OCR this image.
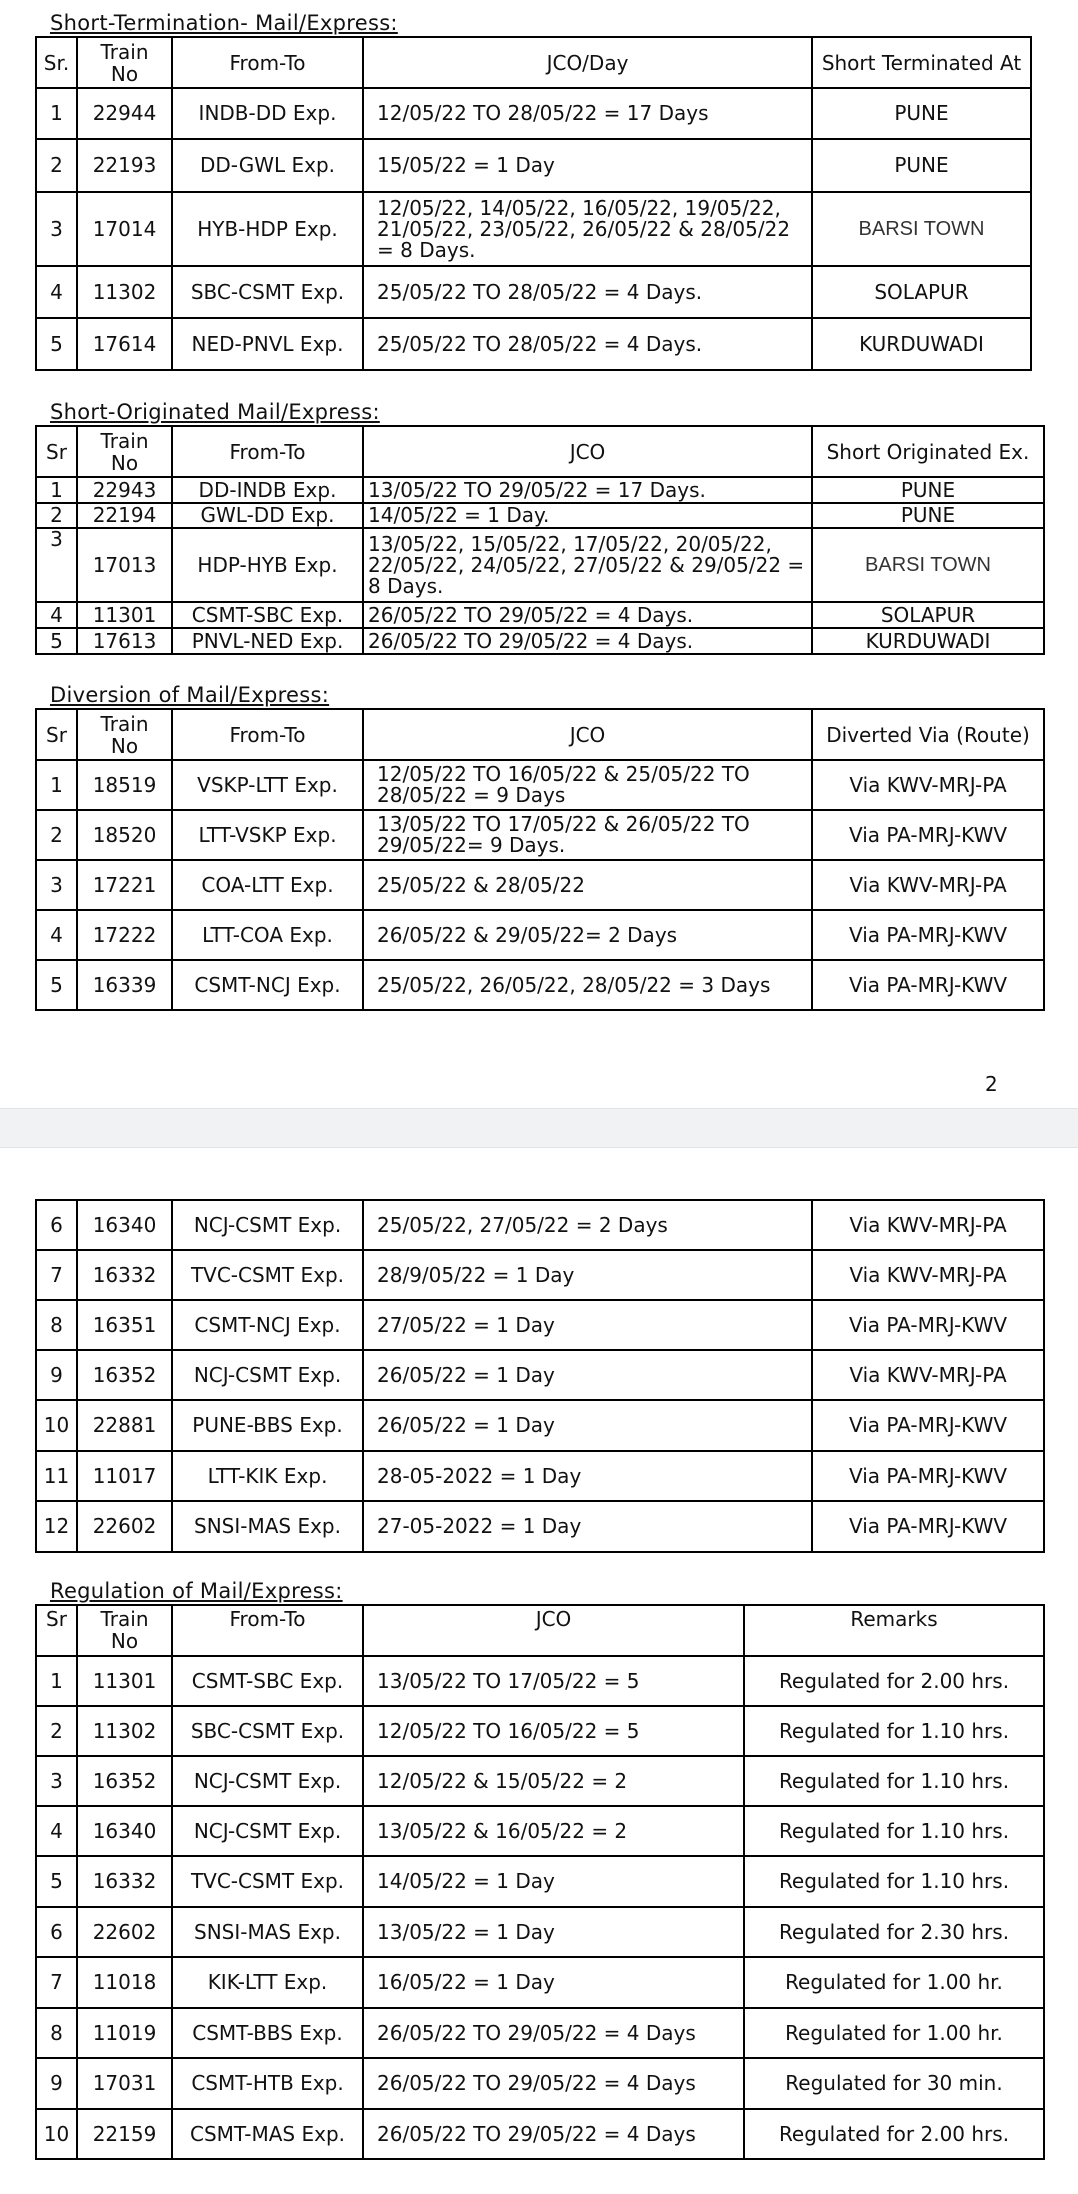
Short-Termination- Mail/Express:
Sr.	Train No	From-To	JCO/Day	Short Terminated At
1	22944	INDB-DD Exp.	12/05/22 TO 28/05/22 = 17 Days	PUNE
2	22193	DD-GWL Exp.	15/05/22 = 1 Day	PUNE
3	17014	HYB-HDP Exp.	12/05/22, 14/05/22, 16/05/22, 19/05/22, 21/05/22, 23/05/22, 26/05/22 & 28/05/22 = 8 Days.	BARSI TOWN
4	11302	SBC-CSMT Exp.	25/05/22 TO 28/05/22 = 4 Days.	SOLAPUR
5	17614	NED-PNVL Exp.	25/05/22 TO 28/05/22 = 4 Days.	KURDUWADI
Short-Originated Mail/Express:
Sr	Train No	From-To	JCO	Short Originated Ex.
1	22943	DD-INDB Exp.	13/05/22 TO 29/05/22 = 17 Days.	PUNE
2	22194	GWL-DD Exp.	14/05/22 = 1 Day.	PUNE
3	17013	HDP-HYB Exp.	13/05/22, 15/05/22, 17/05/22, 20/05/22, 22/05/22, 24/05/22, 27/05/22 & 29/05/22 = 8 Days.	BARSI TOWN
4	11301	CSMT-SBC Exp.	26/05/22 TO 29/05/22 = 4 Days.	SOLAPUR
5	17613	PNVL-NED Exp.	26/05/22 TO 29/05/22 = 4 Days.	KURDUWADI
Diversion of Mail/Express:
Sr	Train No	From-To	JCO	Diverted Via (Route)
1	18519	VSKP-LTT Exp.	12/05/22 TO 16/05/22 & 25/05/22 TO 28/05/22 = 9 Days	Via KWV-MRJ-PA
2	18520	LTT-VSKP Exp.	13/05/22 TO 17/05/22 & 26/05/22 TO 29/05/22= 9 Days.	Via PA-MRJ-KWV
3	17221	COA-LTT Exp.	25/05/22 & 28/05/22	Via KWV-MRJ-PA
4	17222	LTT-COA Exp.	26/05/22 & 29/05/22= 2 Days	Via PA-MRJ-KWV
5	16339	CSMT-NCJ Exp.	25/05/22, 26/05/22, 28/05/22 = 3 Days	Via PA-MRJ-KWV
2
6	16340	NCJ-CSMT Exp.	25/05/22, 27/05/22 = 2 Days	Via KWV-MRJ-PA
7	16332	TVC-CSMT Exp.	28/9/05/22 = 1 Day	Via KWV-MRJ-PA
8	16351	CSMT-NCJ Exp.	27/05/22 = 1 Day	Via PA-MRJ-KWV
9	16352	NCJ-CSMT Exp.	26/05/22 = 1 Day	Via KWV-MRJ-PA
10	22881	PUNE-BBS Exp.	26/05/22 = 1 Day	Via PA-MRJ-KWV
11	11017	LTT-KIK Exp.	28-05-2022 = 1 Day	Via PA-MRJ-KWV
12	22602	SNSI-MAS Exp.	27-05-2022 = 1 Day	Via PA-MRJ-KWV
Regulation of Mail/Express:
Sr	Train No	From-To	JCO	Remarks
1	11301	CSMT-SBC Exp.	13/05/22 TO 17/05/22 = 5	Regulated for 2.00 hrs.
2	11302	SBC-CSMT Exp.	12/05/22 TO 16/05/22 = 5	Regulated for 1.10 hrs.
3	16352	NCJ-CSMT Exp.	12/05/22 & 15/05/22 = 2	Regulated for 1.10 hrs.
4	16340	NCJ-CSMT Exp.	13/05/22 & 16/05/22 = 2	Regulated for 1.10 hrs.
5	16332	TVC-CSMT Exp.	14/05/22 = 1 Day	Regulated for 1.10 hrs.
6	22602	SNSI-MAS Exp.	13/05/22 = 1 Day	Regulated for 2.30 hrs.
7	11018	KIK-LTT Exp.	16/05/22 = 1 Day	Regulated for 1.00 hr.
8	11019	CSMT-BBS Exp.	26/05/22 TO 29/05/22 = 4 Days	Regulated for 1.00 hr.
9	17031	CSMT-HTB Exp.	26/05/22 TO 29/05/22 = 4 Days	Regulated for 30 min.
10	22159	CSMT-MAS Exp.	26/05/22 TO 29/05/22 = 4 Days	Regulated for 2.00 hrs.
